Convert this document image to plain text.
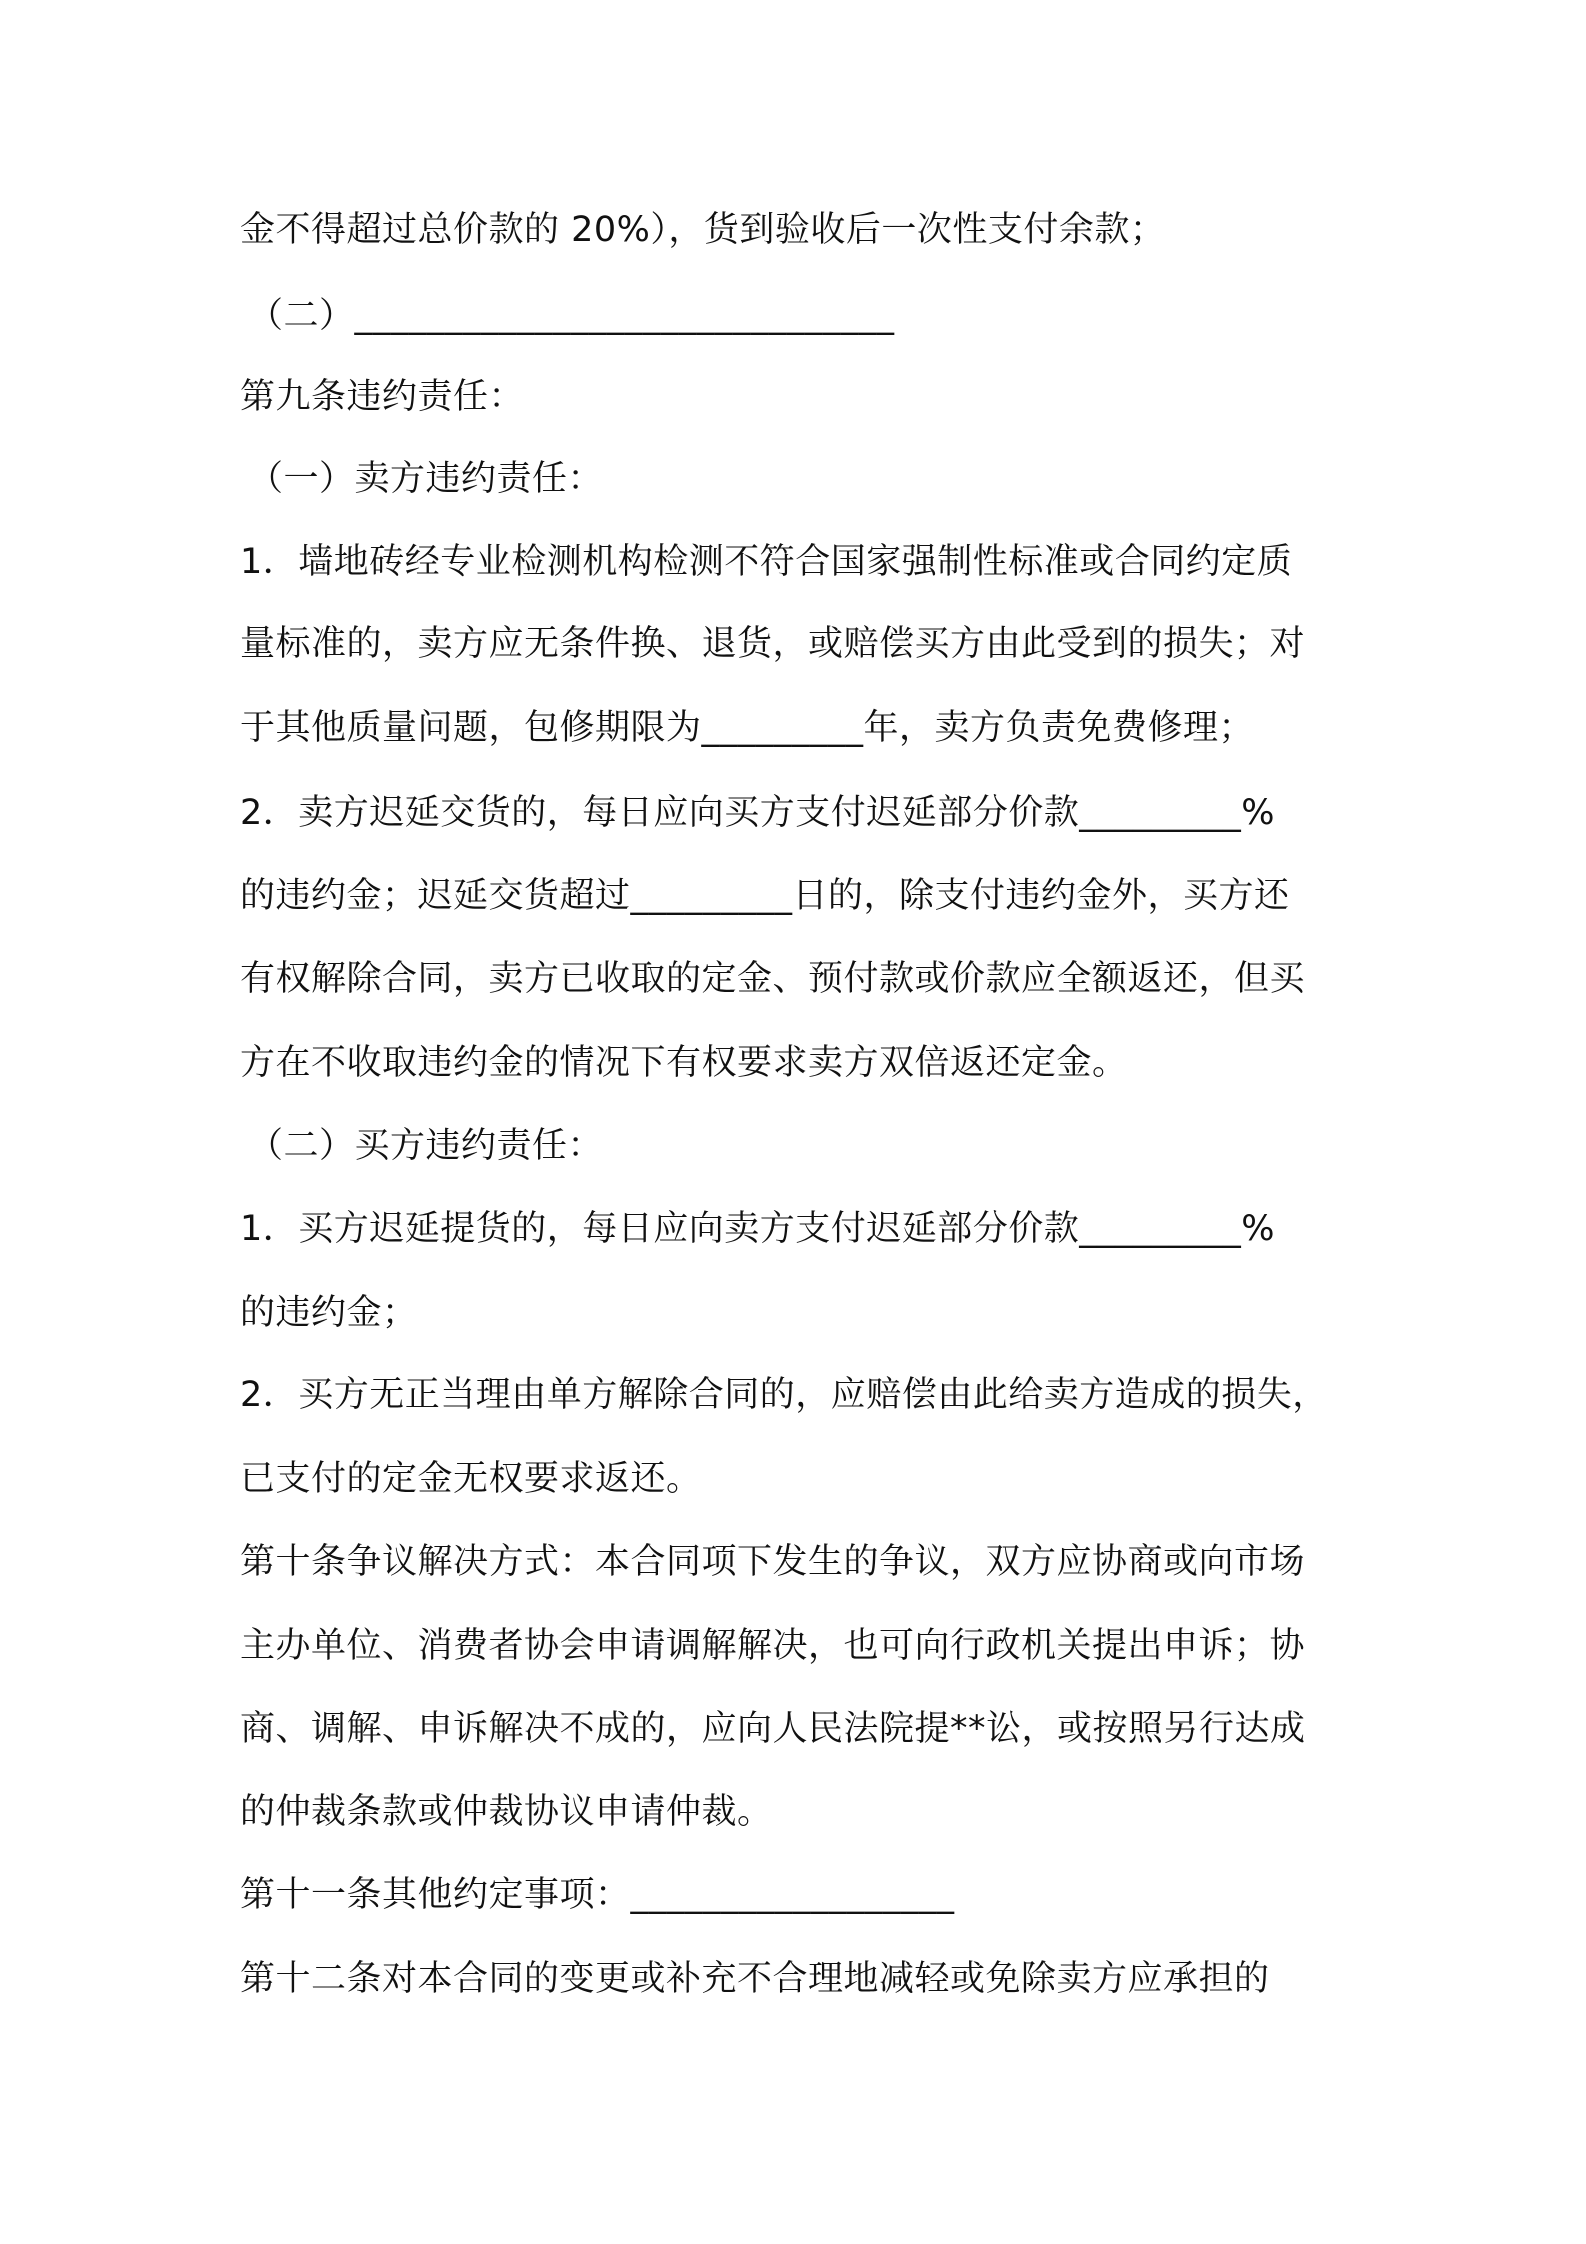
金不得超过总价款的 20%），货到验收后一次性支付余款；
（二）______________________________
第九条违约责任：
（一）卖方违约责任：
1．墙地砖经专业检测机构检测不符合国家强制性标准或合同约定质
量标准的，卖方应无条件换、退货，或赔偿买方由此受到的损失；对
于其他质量问题，包修期限为_________年，卖方负责免费修理；
2．卖方迟延交货的，每日应向买方支付迟延部分价款_________%
的违约金；迟延交货超过_________日的，除支付违约金外，买方还
有权解除合同，卖方已收取的定金、预付款或价款应全额返还，但买
方在不收取违约金的情况下有权要求卖方双倍返还定金。
（二）买方违约责任：
1．买方迟延提货的，每日应向卖方支付迟延部分价款_________%
的违约金；
2．买方无正当理由单方解除合同的，应赔偿由此给卖方造成的损失，
已支付的定金无权要求返还。
第十条争议解决方式：本合同项下发生的争议，双方应协商或向市场
主办单位、消费者协会申请调解解决，也可向行政机关提出申诉；协
商、调解、申诉解决不成的，应向人民法院提**讼，或按照另行达成
的仲裁条款或仲裁协议申请仲裁。
第十一条其他约定事项：__________________
第十二条对本合同的变更或补充不合理地减轻或免除卖方应承担的
